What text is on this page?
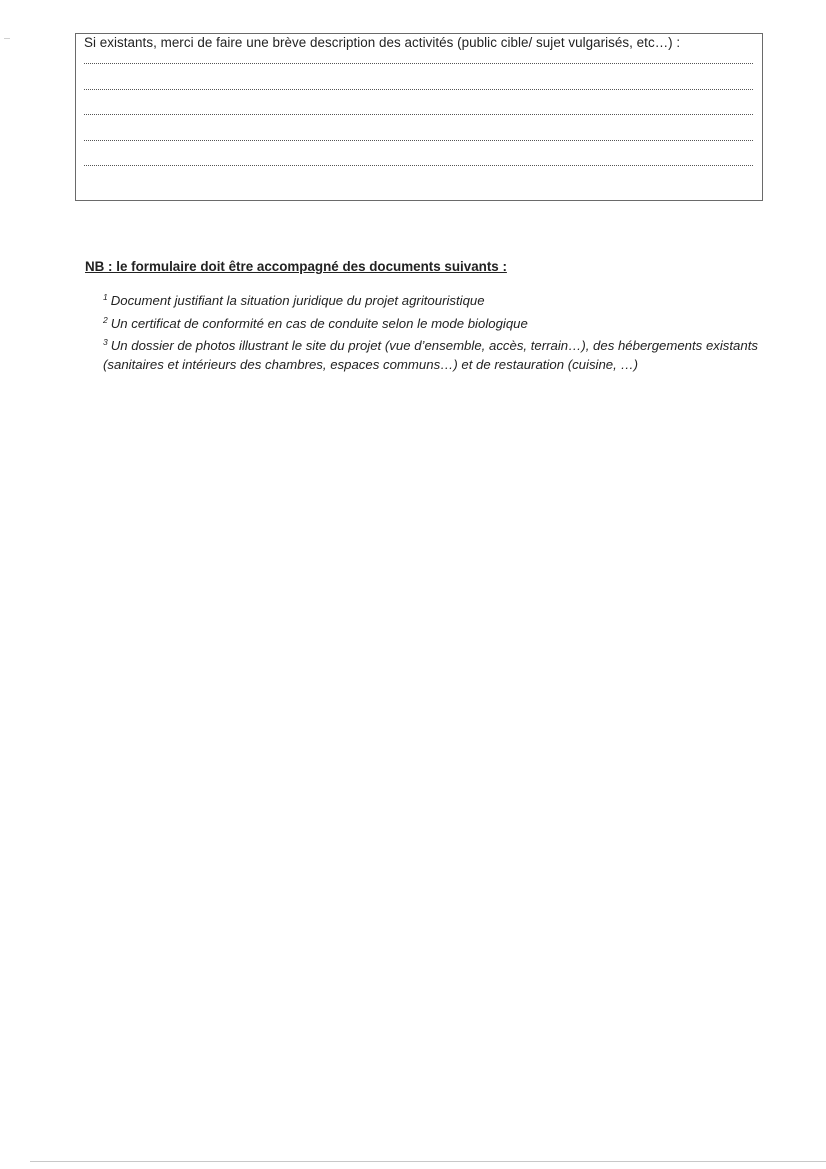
Si existants, merci de faire une brève description des activités (public cible/ sujet vulgarisés, etc…) :
NB : le formulaire doit être accompagné des documents suivants :

$^1$ Document justifiant la situation juridique du projet agritouristique

$^2$ Un certificat de conformité en cas de conduite selon le mode biologique

$^3$ Un dossier de photos illustrant le site du projet (vue d’ensemble, accès, terrain…), des hébergements existants (sanitaires et intérieurs des chambres, espaces communs…) et de restauration (cuisine, …)
